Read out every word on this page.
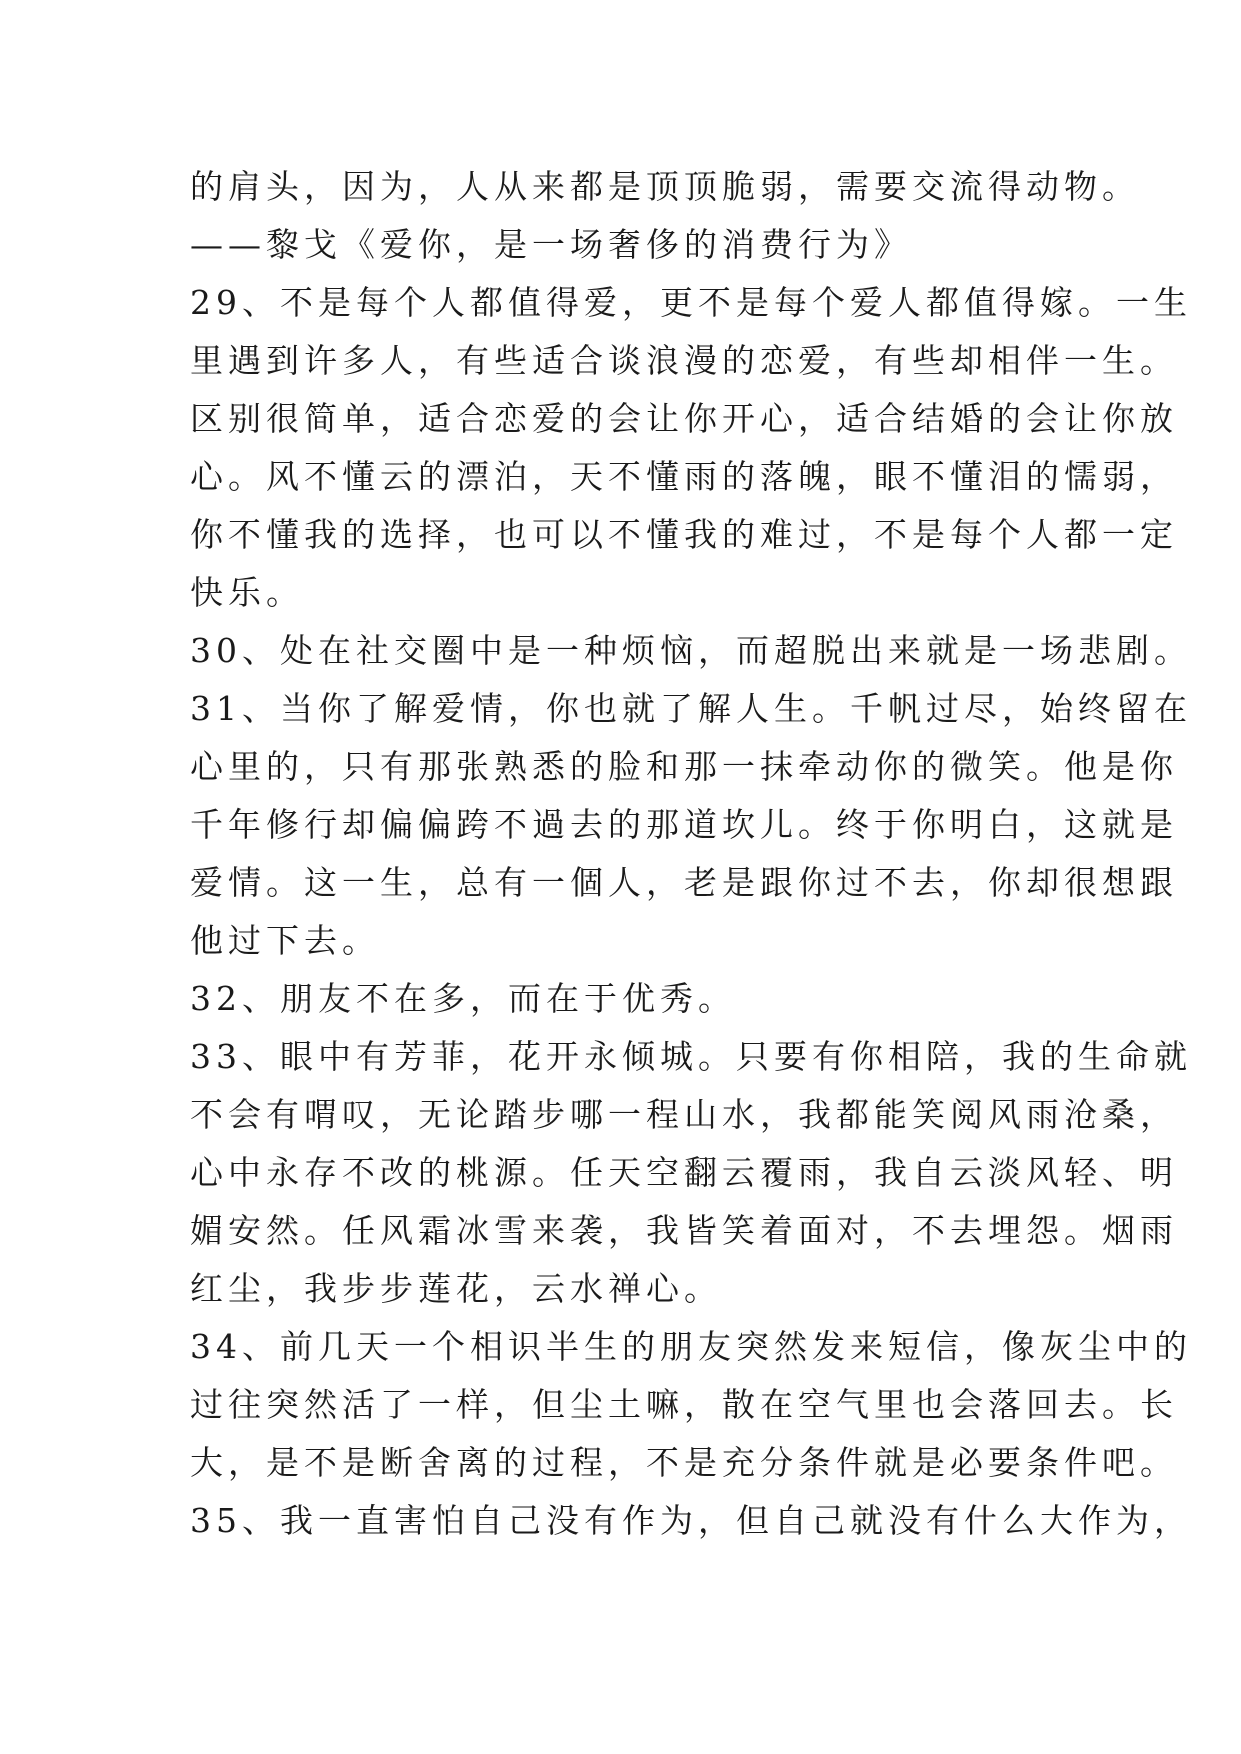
的肩头，因为，人从来都是顶顶脆弱，需要交流得动物。
——黎戈《爱你，是一场奢侈的消费行为》
29、不是每个人都值得爱，更不是每个爱人都值得嫁。一生
里遇到许多人，有些适合谈浪漫的恋爱，有些却相伴一生。
区别很简单，适合恋爱的会让你开心，适合结婚的会让你放
心。风不懂云的漂泊，天不懂雨的落魄，眼不懂泪的懦弱，
你不懂我的选择，也可以不懂我的难过，不是每个人都一定
快乐。
30、处在社交圈中是一种烦恼，而超脱出来就是一场悲剧。
31、当你了解爱情，你也就了解人生。千帆过尽，始终留在
心里的，只有那张熟悉的脸和那一抹牵动你的微笑。他是你
千年修行却偏偏跨不過去的那道坎儿。终于你明白，这就是
爱情。这一生，总有一個人，老是跟你过不去，你却很想跟
他过下去。
32、朋友不在多，而在于优秀。
33、眼中有芳菲，花开永倾城。只要有你相陪，我的生命就
不会有喟叹，无论踏步哪一程山水，我都能笑阅风雨沧桑，
心中永存不改的桃源。任天空翻云覆雨，我自云淡风轻、明
媚安然。任风霜冰雪来袭，我皆笑着面对，不去埋怨。烟雨
红尘，我步步莲花，云水禅心。
34、前几天一个相识半生的朋友突然发来短信，像灰尘中的
过往突然活了一样，但尘土嘛，散在空气里也会落回去。长
大，是不是断舍离的过程，不是充分条件就是必要条件吧。
35、我一直害怕自己没有作为，但自己就没有什么大作为，
